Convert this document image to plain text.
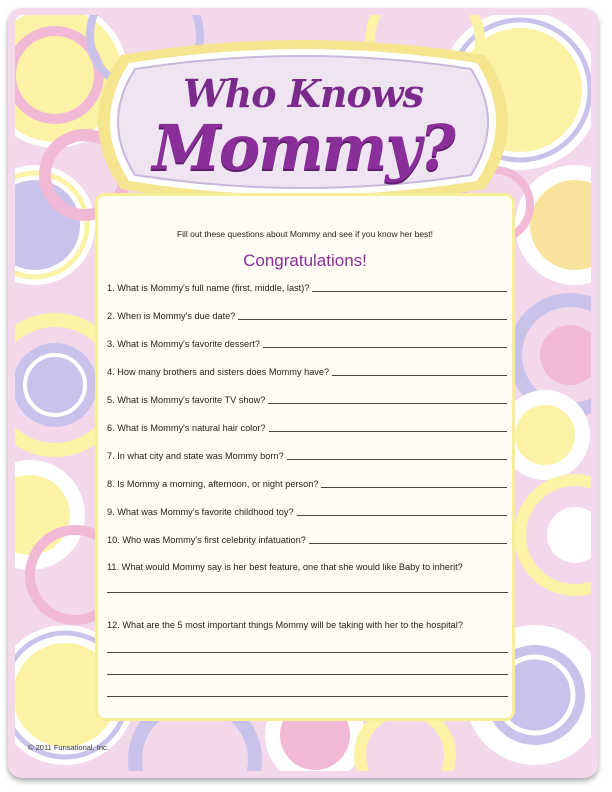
Who Knows
Mommy?
Fill out these questions about Mommy and see if you know her best!
Congratulations!
1. What is Mommy's full name (first, middle, last)?
2. When is Mommy's due date?
3. What is Mommy's favorite dessert?
4. How many brothers and sisters does Mommy have?
5. What is Mommy's favorite TV show?
6. What is Mommy's natural hair color?
7. In what city and state was Mommy born?
8. Is Mommy a morning, afternoon, or night person?
9. What was Mommy's favorite childhood toy?
10. Who was Mommy's first celebrity infatuation?
11. What would Mommy say is her best feature, one that she would like Baby to inherit?
12. What are the 5 most important things Mommy will be taking with her to the hospital?
© 2011 Funsational, Inc.
